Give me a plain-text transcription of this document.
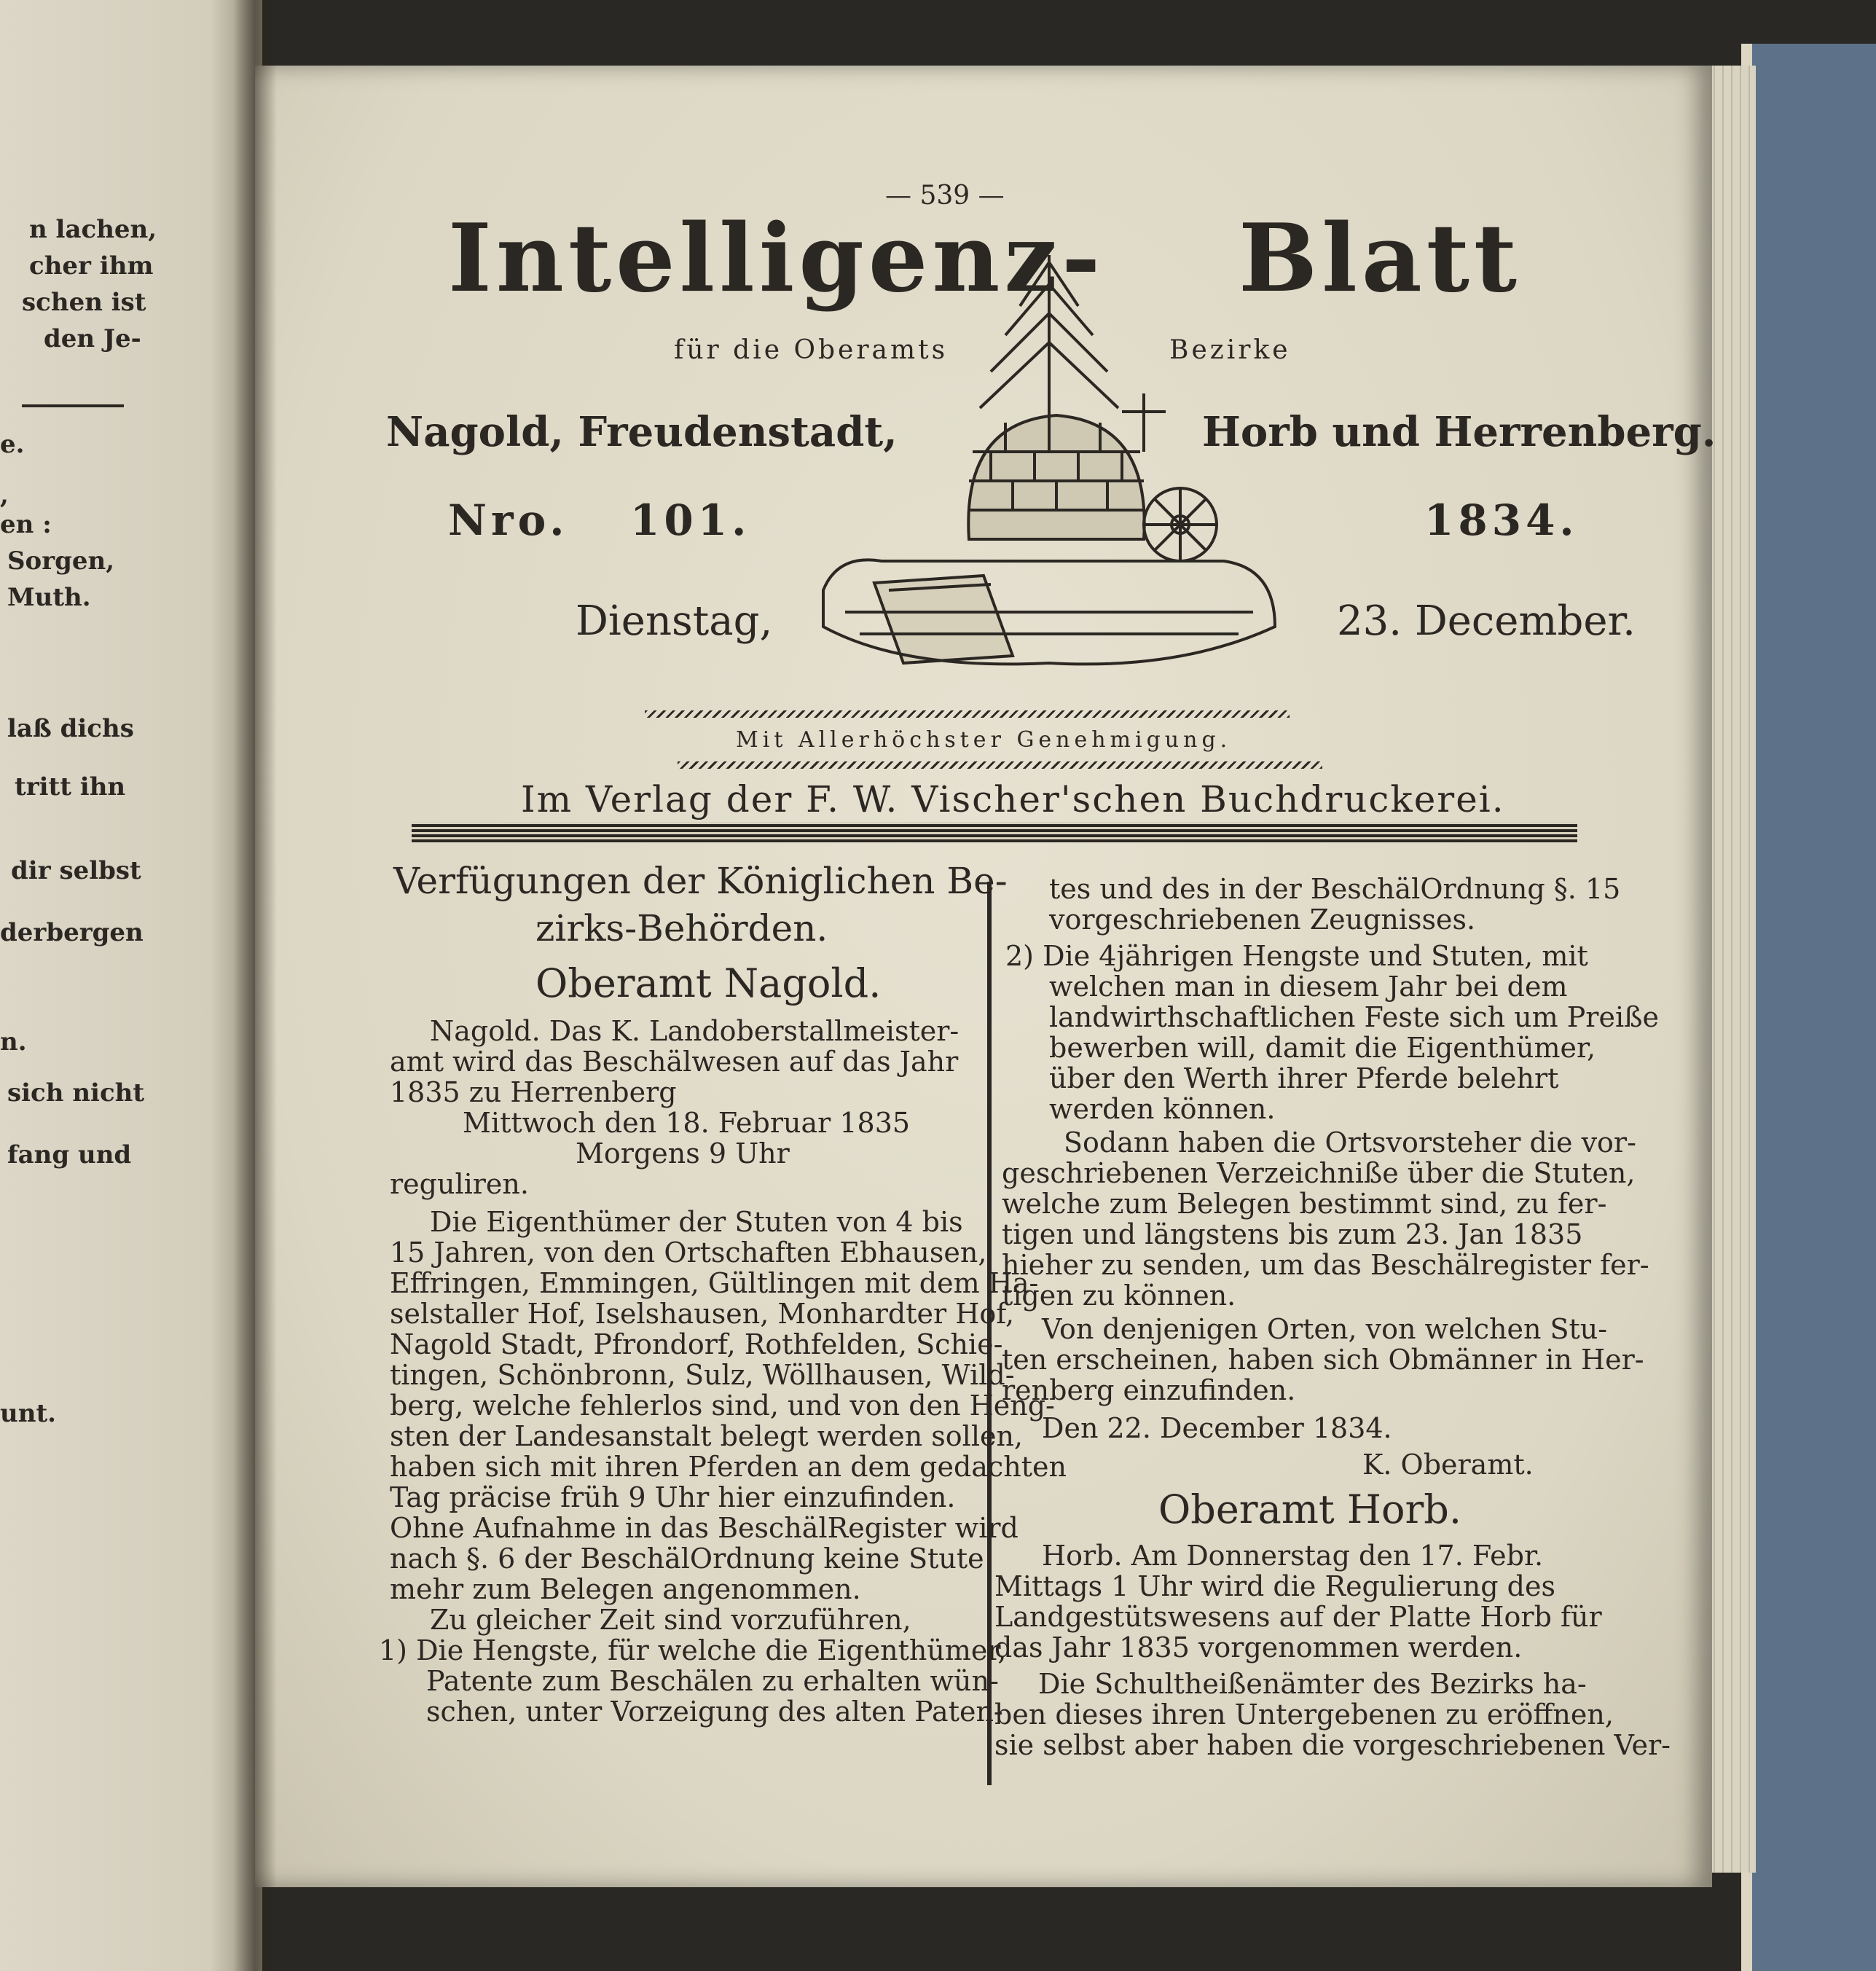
n lachen,
cher ihm
schen ist
den Je-
e.
,
en :
Sorgen,
Muth.
laß dichs
tritt ihn
dir selbst
derbergen
n.
sich nicht
fang und
unt.
— 539 —
Intelligenz- Blatt
für die Oberamts	Bezirke
Nagold, Freudenstadt,	Horb und Herrenberg.
Nro. 101.	1834.
Dienstag,	23. December.
Mit Allerhöchster Genehmigung.
Im Verlag der F. W. Vischer'schen Buchdruckerei.
Verfügungen der Königlichen Be-
zirks-Behörden.
Oberamt Nagold.
Nagold. Das K. Landoberstallmeister-
amt wird das Beschälwesen auf das Jahr
1835 zu Herrenberg
Mittwoch den 18. Februar 1835
Morgens 9 Uhr
reguliren.
Die Eigenthümer der Stuten von 4 bis
15 Jahren, von den Ortschaften Ebhausen,
Effringen, Emmingen, Gültlingen mit dem Ha-
selstaller Hof, Iselshausen, Monhardter Hof,
Nagold Stadt, Pfrondorf, Rothfelden, Schie-
tingen, Schönbronn, Sulz, Wöllhausen, Wild-
berg, welche fehlerlos sind, und von den Heng-
sten der Landesanstalt belegt werden sollen,
haben sich mit ihren Pferden an dem gedachten
Tag präcise früh 9 Uhr hier einzufinden.
Ohne Aufnahme in das BeschälRegister wird
nach §. 6 der BeschälOrdnung keine Stute
mehr zum Belegen angenommen.
Zu gleicher Zeit sind vorzuführen,
1) Die Hengste, für welche die Eigenthümer,
Patente zum Beschälen zu erhalten wün-
schen, unter Vorzeigung des alten Paten-
tes und des in der BeschälOrdnung §. 15
vorgeschriebenen Zeugnisses.
2) Die 4jährigen Hengste und Stuten, mit
welchen man in diesem Jahr bei dem
landwirthschaftlichen Feste sich um Preiße
bewerben will, damit die Eigenthümer,
über den Werth ihrer Pferde belehrt
werden können.
Sodann haben die Ortsvorsteher die vor-
geschriebenen Verzeichniße über die Stuten,
welche zum Belegen bestimmt sind, zu fer-
tigen und längstens bis zum 23. Jan 1835
hieher zu senden, um das Beschälregister fer-
tigen zu können.
Von denjenigen Orten, von welchen Stu-
ten erscheinen, haben sich Obmänner in Her-
renberg einzufinden.
Den 22. December 1834.
K. Oberamt.
Oberamt Horb.
Horb. Am Donnerstag den 17. Febr.
Mittags 1 Uhr wird die Regulierung des
Landgestütswesens auf der Platte Horb für
das Jahr 1835 vorgenommen werden.
Die Schultheißenämter des Bezirks ha-
ben dieses ihren Untergebenen zu eröffnen,
sie selbst aber haben die vorgeschriebenen Ver-
